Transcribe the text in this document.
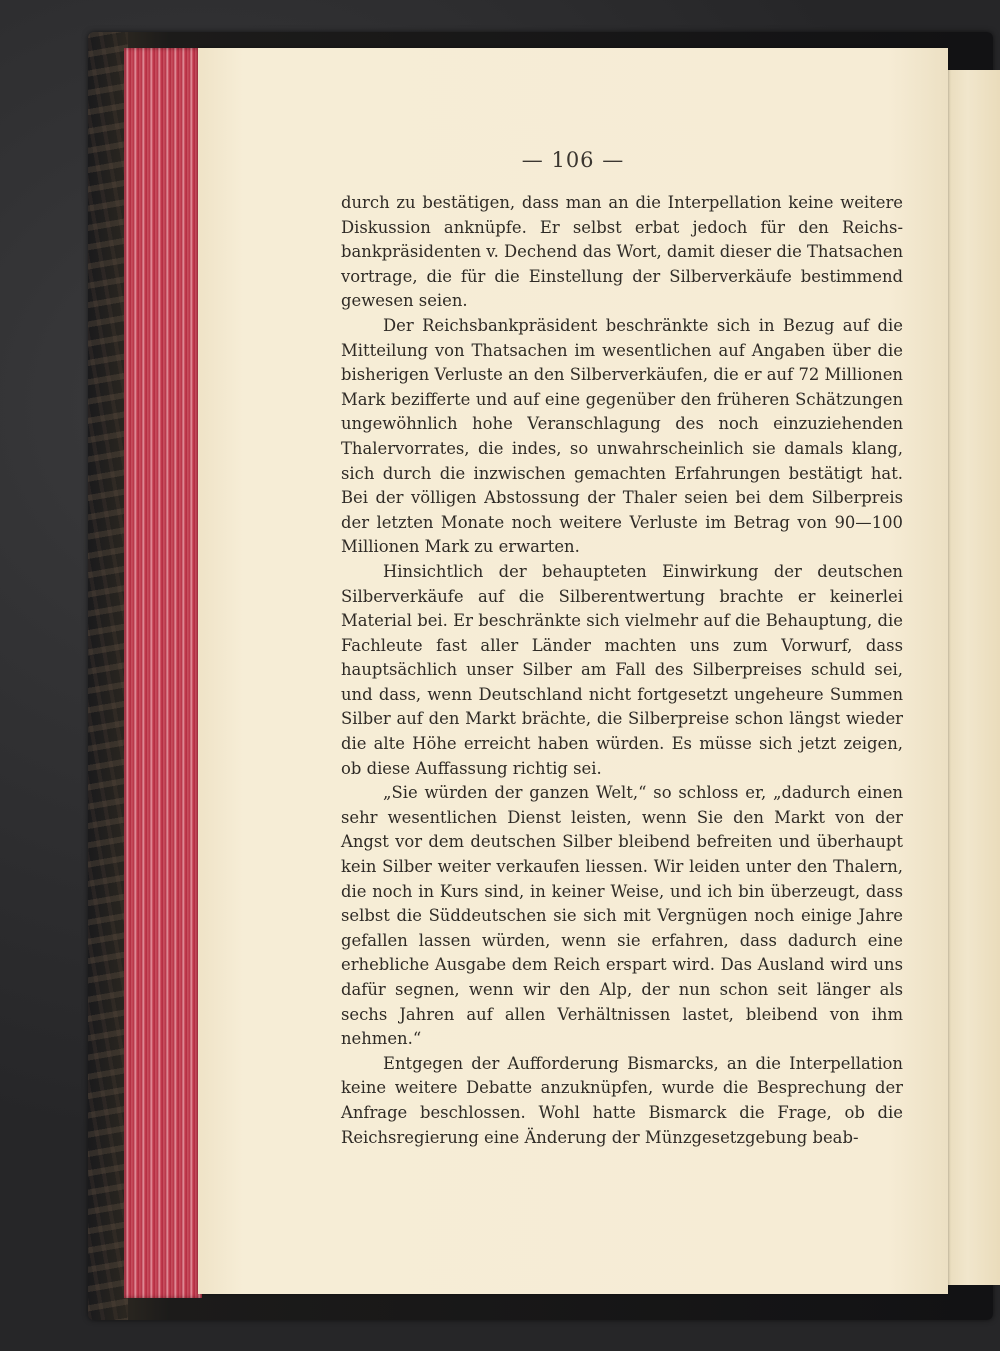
— 106 —

durch zu bestätigen, dass man an die Interpellation keine weitere Diskussion anknüpfe. Er selbst erbat jedoch für den Reichsbankpräsidenten v. Dechend das Wort, damit dieser die Thatsachen vortrage, die für die Einstellung der Silberverkäufe bestimmend gewesen seien.

Der Reichsbankpräsident beschränkte sich in Bezug auf die Mitteilung von Thatsachen im wesentlichen auf Angaben über die bisherigen Verluste an den Silberverkäufen, die er auf 72 Millionen Mark bezifferte und auf eine gegenüber den früheren Schätzungen ungewöhnlich hohe Veranschlagung des noch einzuziehenden Thalervorrates, die indes, so unwahrscheinlich sie damals klang, sich durch die inzwischen gemachten Erfahrungen bestätigt hat. Bei der völligen Abstossung der Thaler seien bei dem Silberpreis der letzten Monate noch weitere Verluste im Betrag von 90—100 Millionen Mark zu erwarten.

Hinsichtlich der behaupteten Einwirkung der deutschen Silberverkäufe auf die Silberentwertung brachte er keinerlei Material bei. Er beschränkte sich vielmehr auf die Behauptung, die Fachleute fast aller Länder machten uns zum Vorwurf, dass hauptsächlich unser Silber am Fall des Silberpreises schuld sei, und dass, wenn Deutschland nicht fortgesetzt ungeheure Summen Silber auf den Markt brächte, die Silberpreise schon längst wieder die alte Höhe erreicht haben würden. Es müsse sich jetzt zeigen, ob diese Auffassung richtig sei.

„Sie würden der ganzen Welt,“ so schloss er, „dadurch einen sehr wesentlichen Dienst leisten, wenn Sie den Markt von der Angst vor dem deutschen Silber bleibend befreiten und überhaupt kein Silber weiter verkaufen liessen. Wir leiden unter den Thalern, die noch in Kurs sind, in keiner Weise, und ich bin überzeugt, dass selbst die Süddeutschen sie sich mit Vergnügen noch einige Jahre gefallen lassen würden, wenn sie erfahren, dass dadurch eine erhebliche Ausgabe dem Reich erspart wird. Das Ausland wird uns dafür segnen, wenn wir den Alp, der nun schon seit länger als sechs Jahren auf allen Verhältnissen lastet, bleibend von ihm nehmen.“

Entgegen der Aufforderung Bismarcks, an die Interpellation keine weitere Debatte anzuknüpfen, wurde die Besprechung der Anfrage beschlossen. Wohl hatte Bismarck die Frage, ob die Reichsregierung eine Änderung der Münzgesetzgebung beab-
